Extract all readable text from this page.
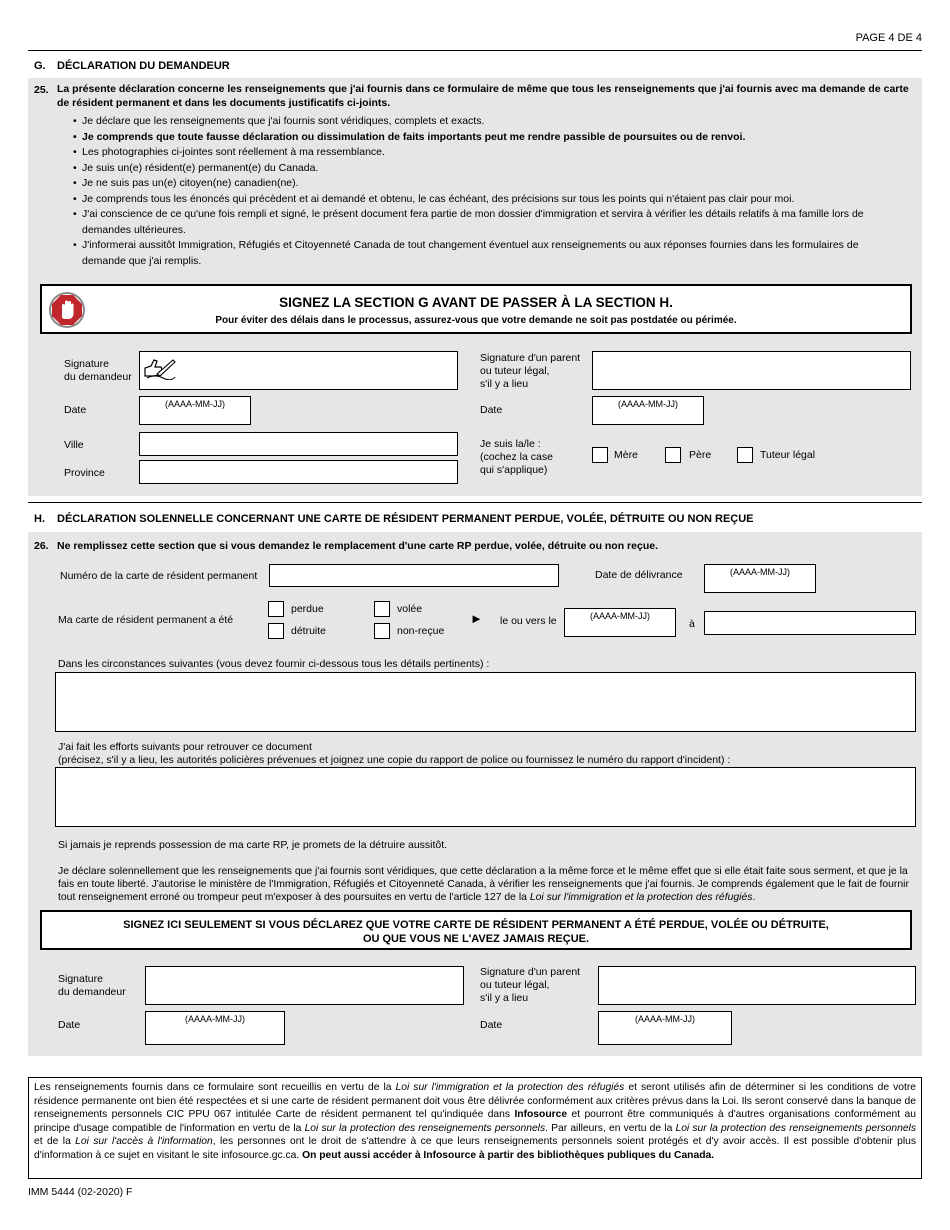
PAGE 4 DE 4
G. DÉCLARATION DU DEMANDEUR
25. La présente déclaration concerne les renseignements que j'ai fournis dans ce formulaire de même que tous les renseignements que j'ai fournis avec ma demande de carte de résident permanent et dans les documents justificatifs ci-joints.
• Je déclare que les renseignements que j'ai fournis sont véridiques, complets et exacts.
• Je comprends que toute fausse déclaration ou dissimulation de faits importants peut me rendre passible de poursuites ou de renvoi.
• Les photographies ci-jointes sont réellement à ma ressemblance.
• Je suis un(e) résident(e) permanent(e) du Canada.
• Je ne suis pas un(e) citoyen(ne) canadien(ne).
• Je comprends tous les énoncés qui précèdent et ai demandé et obtenu, le cas échéant, des précisions sur tous les points qui n'étaient pas clair pour moi.
• J'ai conscience de ce qu'une fois rempli et signé, le présent document fera partie de mon dossier d'immigration et servira à vérifier les détails relatifs à ma famille lors de demandes ultérieures.
• J'informerai aussitôt Immigration, Réfugiés et Citoyenneté Canada de tout changement éventuel aux renseignements ou aux réponses fournies dans les formulaires de demande que j'ai remplis.
SIGNEZ LA SECTION G AVANT DE PASSER À LA SECTION H.
Pour éviter des délais dans le processus, assurez-vous que votre demande ne soit pas postdatée ou périmée.
Signature
du demandeur
Signature d'un parent
ou tuteur légal,
s'il y a lieu
Date	(AAAA-MM-JJ)	Date	(AAAA-MM-JJ)
Ville
Province
Je suis la/le :
(cochez la case
qui s'applique)
Mère	Père	Tuteur légal
H. DÉCLARATION SOLENNELLE CONCERNANT UNE CARTE DE RÉSIDENT PERMANENT PERDUE, VOLÉE, DÉTRUITE OU NON REÇUE
26. Ne remplissez cette section que si vous demandez le remplacement d'une carte RP perdue, volée, détruite ou non reçue.
Numéro de la carte de résident permanent	Date de délivrance	(AAAA-MM-JJ)
Ma carte de résident permanent a été
perdue
détruite
volée
non-reçue
► le ou vers le	(AAAA-MM-JJ)
à
Dans les circonstances suivantes (vous devez fournir ci-dessous tous les détails pertinents) :
J'ai fait les efforts suivants pour retrouver ce document
(précisez, s'il y a lieu, les autorités policières prévenues et joignez une copie du rapport de police ou fournissez le numéro du rapport d'incident) :
Si jamais je reprends possession de ma carte RP, je promets de la détruire aussitôt.
Je déclare solennellement que les renseignements que j'ai fournis sont véridiques, que cette déclaration a la même force et le même effet que si elle était faite sous serment, et que je la fais en toute liberté. J'autorise le ministère de l'Immigration, Réfugiés et Citoyenneté Canada, à vérifier les renseignements que j'ai fournis. Je comprends également que le fait de fournir tout renseignement erroné ou trompeur peut m'exposer à des poursuites en vertu de l'article 127 de la Loi sur l'immigration et la protection des réfugiés.
SIGNEZ ICI SEULEMENT SI VOUS DÉCLAREZ QUE VOTRE CARTE DE RÉSIDENT PERMANENT A ÉTÉ PERDUE, VOLÉE OU DÉTRUITE,
OU QUE VOUS NE L'AVEZ JAMAIS REÇUE.
Signature
du demandeur
Signature d'un parent
ou tuteur légal,
s'il y a lieu
Date	(AAAA-MM-JJ)	Date	(AAAA-MM-JJ)
Les renseignements fournis dans ce formulaire sont recueillis en vertu de la Loi sur l'immigration et la protection des réfugiés et seront utilisés afin de déterminer si les conditions de votre résidence permanente ont bien été respectées et si une carte de résident permanent doit vous être délivrée conformément aux critères prévus dans la Loi. Ils seront conservé dans la banque de renseignements personnels CIC PPU 067 intitulée Carte de résident permanent tel qu'indiquée dans Infosource et pourront être communiqués à d'autres organisations conformément au principe d'usage compatible de l'information en vertu de la Loi sur la protection des renseignements personnels. Par ailleurs, en vertu de la Loi sur la protection des renseignements personnels et de la Loi sur l'accès à l'information, les personnes ont le droit de s'attendre à ce que leurs renseignements personnels soient protégés et d'y avoir accès. Il est possible d'obtenir plus d'information à ce sujet en visitant le site infosource.gc.ca. On peut aussi accéder à Infosource à partir des bibliothèques publiques du Canada.
IMM 5444 (02-2020) F
